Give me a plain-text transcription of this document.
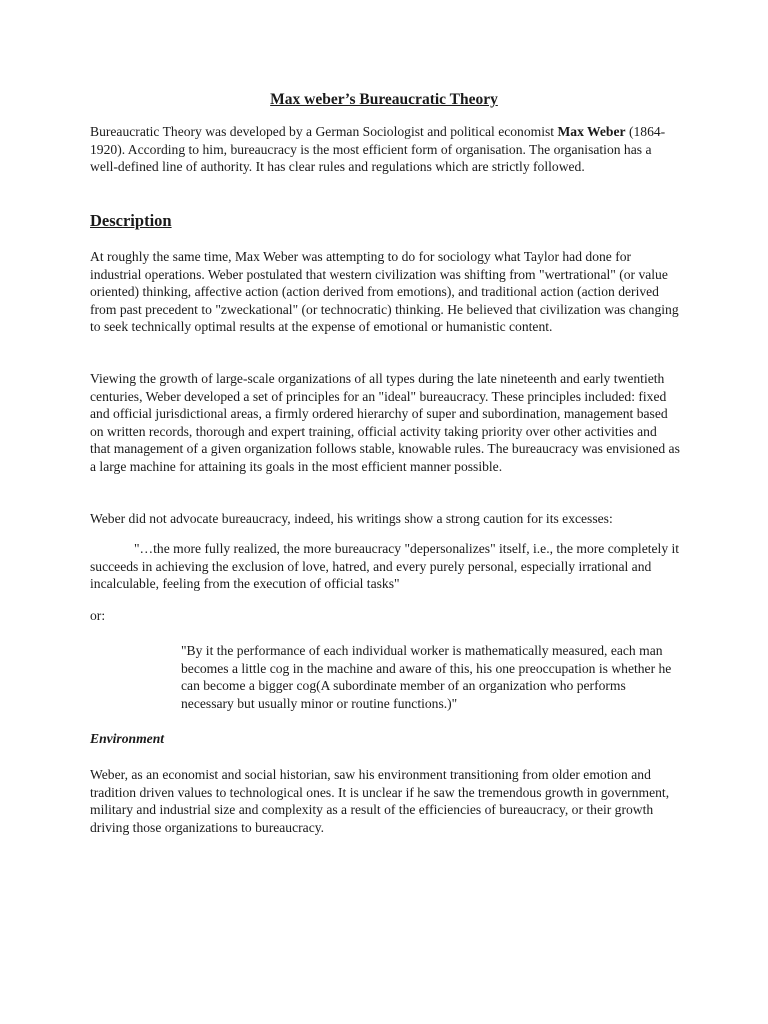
Max weber’s Bureaucratic Theory

Bureaucratic Theory was developed by a German Sociologist and political economist Max Weber (1864-1920). According to him, bureaucracy is the most efficient form of organisation. The organisation has a well-defined line of authority. It has clear rules and regulations which are strictly followed.

Description

At roughly the same time, Max Weber was attempting to do for sociology what Taylor had done for industrial operations. Weber postulated that western civilization was shifting from "wertrational" (or value oriented) thinking, affective action (action derived from emotions), and traditional action (action derived from past precedent to "zweckational" (or technocratic) thinking. He believed that civilization was changing to seek technically optimal results at the expense of emotional or humanistic content.

Viewing the growth of large-scale organizations of all types during the late nineteenth and early twentieth centuries, Weber developed a set of principles for an "ideal" bureaucracy. These principles included: fixed and official jurisdictional areas, a firmly ordered hierarchy of super and subordination, management based on written records, thorough and expert training, official activity taking priority over other activities and that management of a given organization follows stable, knowable rules. The bureaucracy was envisioned as a large machine for attaining its goals in the most efficient manner possible.

Weber did not advocate bureaucracy, indeed, his writings show a strong caution for its excesses:

"…the more fully realized, the more bureaucracy "depersonalizes" itself, i.e., the more completely it succeeds in achieving the exclusion of love, hatred, and every purely personal, especially irrational and incalculable, feeling from the execution of official tasks"

or:

"By it the performance of each individual worker is mathematically measured, each man becomes a little cog in the machine and aware of this, his one preoccupation is whether he can become a bigger cog(A subordinate member of an organization who performs necessary but usually minor or routine functions.)"

Environment

Weber, as an economist and social historian, saw his environment transitioning from older emotion and tradition driven values to technological ones. It is unclear if he saw the tremendous growth in government, military and industrial size and complexity as a result of the efficiencies of bureaucracy, or their growth driving those organizations to bureaucracy.
